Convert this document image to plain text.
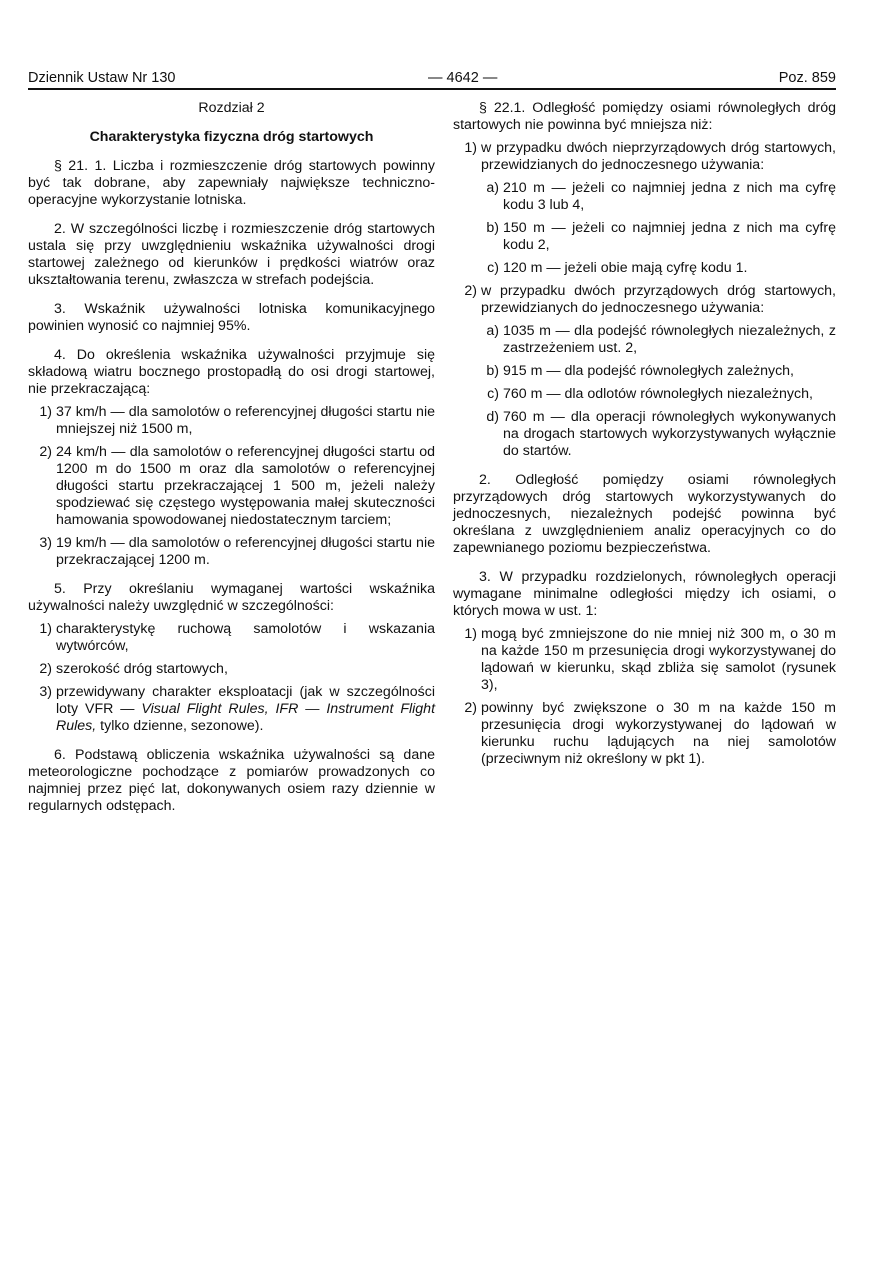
Dziennik Ustaw Nr 130	— 4642 —	Poz. 859

Rozdział 2

Charakterystyka fizyczna dróg startowych

§ 21. 1. Liczba i rozmieszczenie dróg startowych powinny być tak dobrane, aby zapewniały największe techniczno-operacyjne wykorzystanie lotniska.

2. W szczególności liczbę i rozmieszczenie dróg startowych ustala się przy uwzględnieniu wskaźnika używalności drogi startowej zależnego od kierunków i prędkości wiatrów oraz ukształtowania terenu, zwłaszcza w strefach podejścia.

3. Wskaźnik używalności lotniska komunikacyjnego powinien wynosić co najmniej 95%.

4. Do określenia wskaźnika używalności przyjmuje się składową wiatru bocznego prostopadłą do osi drogi startowej, nie przekraczającą:

1) 37 km/h — dla samolotów o referencyjnej długości startu nie mniejszej niż 1500 m,
2) 24 km/h — dla samolotów o referencyjnej długości startu od 1200 m do 1500 m oraz dla samolotów o referencyjnej długości startu przekraczającej 1 500 m, jeżeli należy spodziewać się częstego występowania małej skuteczności hamowania spowodowanej niedostatecznym tarciem;
3) 19 km/h — dla samolotów o referencyjnej długości startu nie przekraczającej 1200 m.

5. Przy określaniu wymaganej wartości wskaźnika używalności należy uwzględnić w szczególności:

1) charakterystykę ruchową samolotów i wskazania wytwórców,
2) szerokość dróg startowych,
3) przewidywany charakter eksploatacji (jak w szczególności loty VFR — Visual Flight Rules, IFR — Instrument Flight Rules, tylko dzienne, sezonowe).

6. Podstawą obliczenia wskaźnika używalności są dane meteorologiczne pochodzące z pomiarów prowadzonych co najmniej przez pięć lat, dokonywanych osiem razy dziennie w regularnych odstępach.

§ 22.1. Odległość pomiędzy osiami równoległych dróg startowych nie powinna być mniejsza niż:

1) w przypadku dwóch nieprzyrządowych dróg startowych, przewidzianych do jednoczesnego używania:
a) 210 m — jeżeli co najmniej jedna z nich ma cyfrę kodu 3 lub 4,
b) 150 m — jeżeli co najmniej jedna z nich ma cyfrę kodu 2,
c) 120 m — jeżeli obie mają cyfrę kodu 1.
2) w przypadku dwóch przyrządowych dróg startowych, przewidzianych do jednoczesnego używania:
a) 1035 m — dla podejść równoległych niezależnych, z zastrzeżeniem ust. 2,
b) 915 m — dla podejść równoległych zależnych,
c) 760 m — dla odlotów równoległych niezależnych,
d) 760 m — dla operacji równoległych wykonywanych na drogach startowych wykorzystywanych wyłącznie do startów.

2. Odległość pomiędzy osiami równoległych przyrządowych dróg startowych wykorzystywanych do jednoczesnych, niezależnych podejść powinna być określana z uwzględnieniem analiz operacyjnych co do zapewnianego poziomu bezpieczeństwa.

3. W przypadku rozdzielonych, równoległych operacji wymagane minimalne odległości między ich osiami, o których mowa w ust. 1:

1) mogą być zmniejszone do nie mniej niż 300 m, o 30 m na każde 150 m przesunięcia drogi wykorzystywanej do lądowań w kierunku, skąd zbliża się samolot (rysunek 3),
2) powinny być zwiększone o 30 m na każde 150 m przesunięcia drogi wykorzystywanej do lądowań w kierunku ruchu lądujących na niej samolotów (przeciwnym niż określony w pkt 1).
